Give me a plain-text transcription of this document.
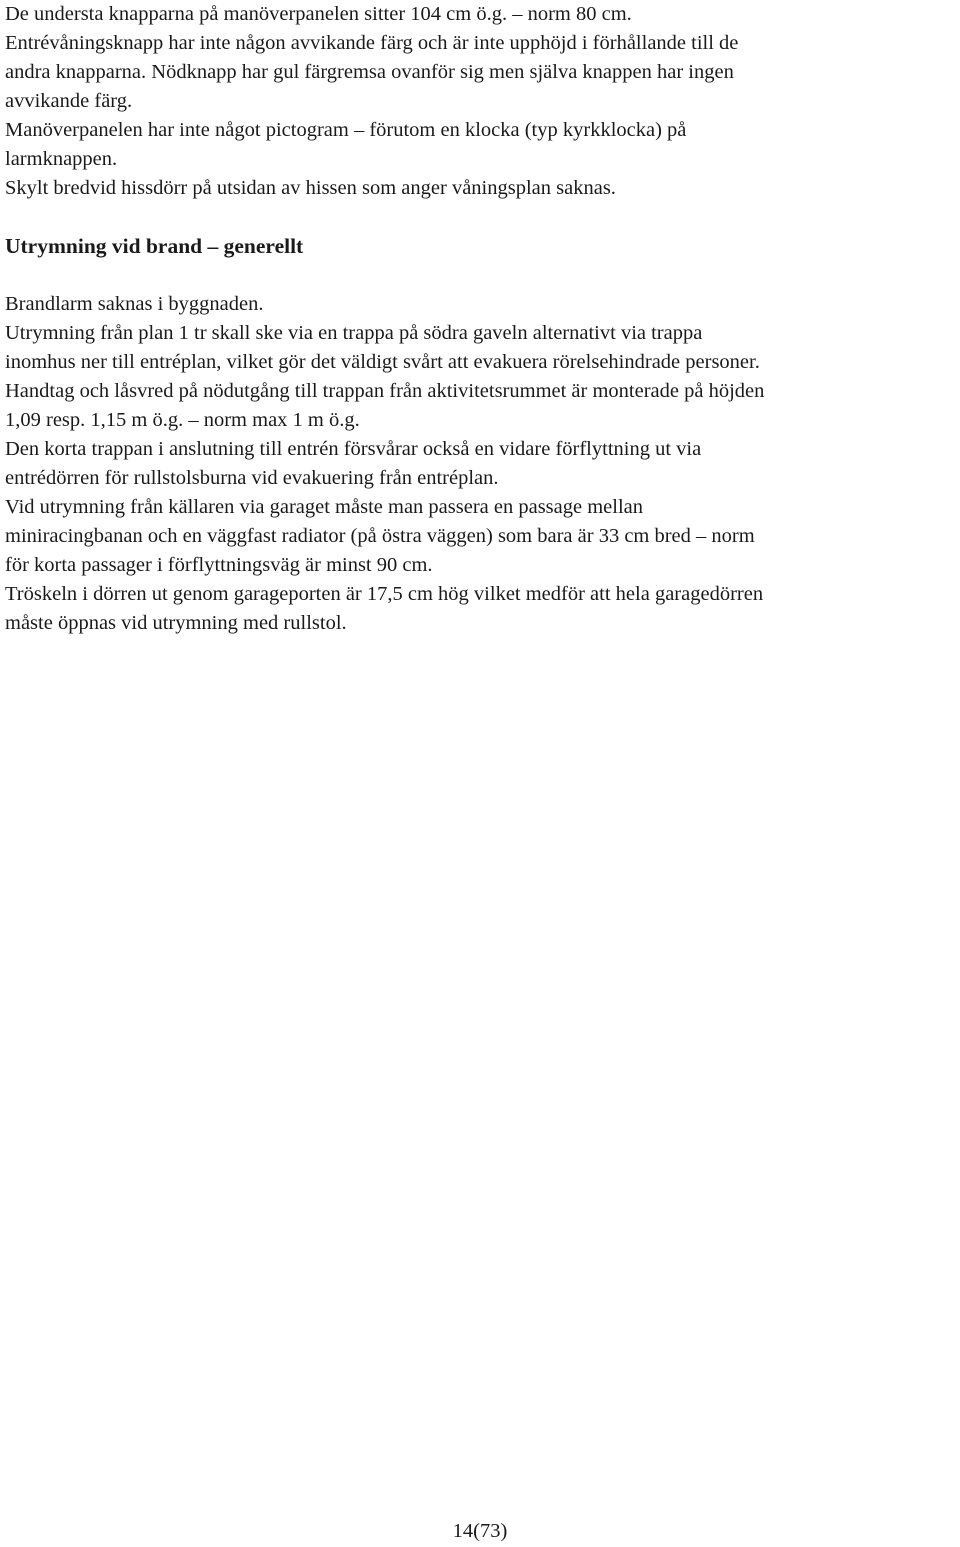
De understa knapparna på manöverpanelen sitter 104 cm ö.g. – norm 80 cm.
Entrévåningsknapp har inte någon avvikande färg och är inte upphöjd i förhållande till de
andra knapparna. Nödknapp har gul färgremsa ovanför sig men själva knappen har ingen
avvikande färg.
Manöverpanelen har inte något pictogram – förutom en klocka (typ kyrkklocka) på
larmknappen.
Skylt bredvid hissdörr på utsidan av hissen som anger våningsplan saknas.

Utrymning vid brand – generellt

Brandlarm saknas i byggnaden.
Utrymning från plan 1 tr skall ske via en trappa på södra gaveln alternativt via trappa
inomhus ner till entréplan, vilket gör det väldigt svårt att evakuera rörelsehindrade personer.
Handtag och låsvred på nödutgång till trappan från aktivitetsrummet är monterade på höjden
1,09 resp. 1,15 m ö.g. – norm max 1 m ö.g.
Den korta trappan i anslutning till entrén försvårar också en vidare förflyttning ut via
entrédörren för rullstolsburna vid evakuering från entréplan.
Vid utrymning från källaren via garaget måste man passera en passage mellan
miniracingbanan och en väggfast radiator (på östra väggen) som bara är 33 cm bred – norm
för korta passager i förflyttningsväg är minst 90 cm.
Tröskeln i dörren ut genom garageporten är 17,5 cm hög vilket medför att hela garagedörren
måste öppnas vid utrymning med rullstol.

14(73)
